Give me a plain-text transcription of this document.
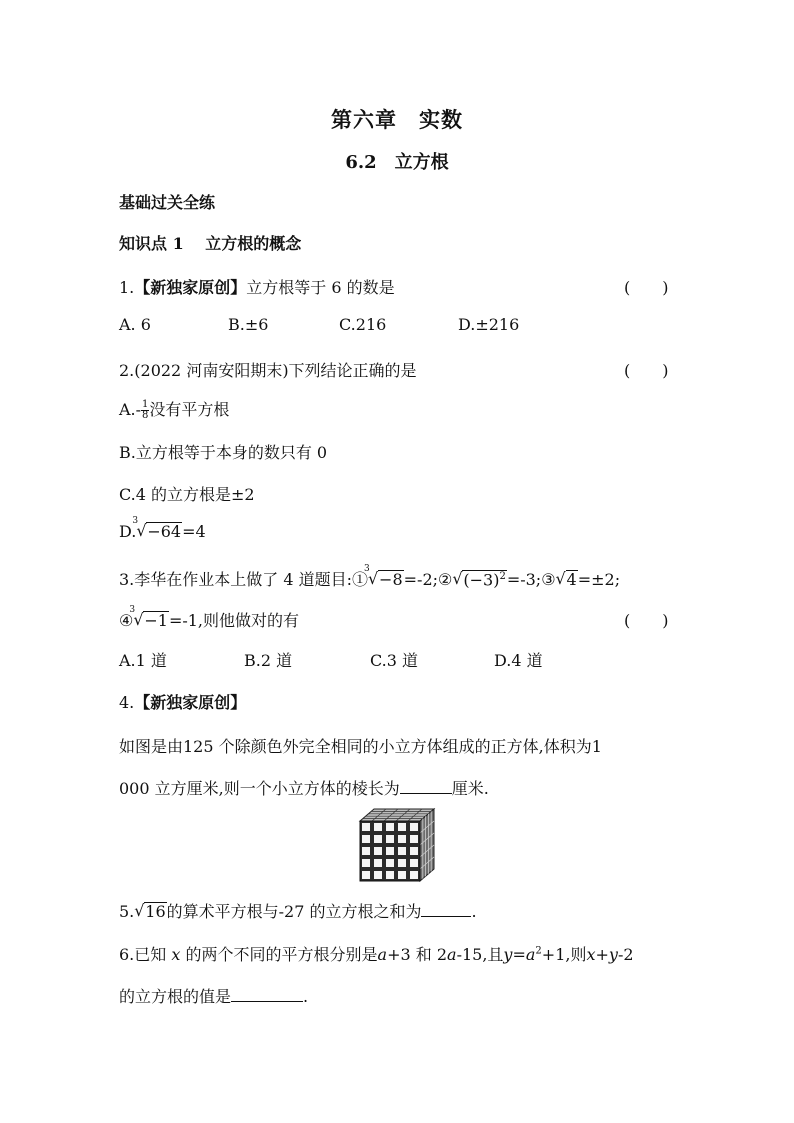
第六章　实数
6.2　立方根
基础过关全练
知识点 1　 立方根的概念
1.【新独家原创】立方根等于 6 的数是	(　　)
A. 6	B.±6	C.216	D.±216
2.(2022 河南安阳期末)下列结论正确的是	(　　)
$A.- \frac{1}{8}$ 没有平方根
B.立方根等于本身的数只有 0
C.4 的立方根是±2
D.
3
√ −64=4
3.李华在作业本上做了 4 道题目:①
3
√ −8=-2;② √ $(-3)^2=-3;③$ √ 4=±2;
④
3
√ −1=-1,则他做对的有	(　　)
A.1 道	B.2 道	C.3 道	D.4 道
4.【新独家原创】
如图是由125 个除颜色外完全相同的小立方体组成的正方体,体积为1
000 立方厘米,则一个小立方体的棱长为	厘米.
5. √ 16的算术平方根与-27 的立方根之和为	.
6.已知 x 的两个不同的平方根分别是a+3 和 2a-15,且$y=a^2+1$,则x+y-2
的立方根的值是	.
